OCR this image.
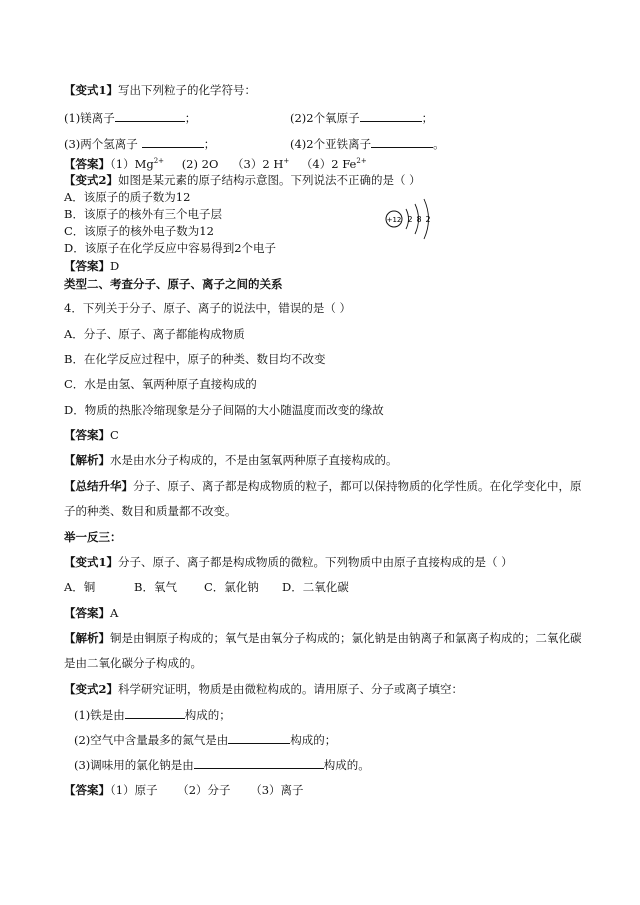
【变式1】写出下列粒子的化学符号：
(1)镁离子	；	(2)2个氧原子	；
(3)两个氢离子	；	(4)2个亚铁离子	。
【答案】$(1)Mg^{2+}$ (2) 2O （3）2 H+ （4）2 $Fe^{2+}$
【变式2】如图是某元素的原子结构示意图。下列说法不正确的是（ ）
A．该原子的质子数为12
B．该原子的核外有三个电子层
C．该原子的核外电子数为12
D．该原子在化学反应中容易得到2个电子
+12 2 8 2
【答案】D
类型二、考查分子、原子、离子之间的关系
4．下列关于分子、原子、离子的说法中，错误的是（ ）
A．分子、原子、离子都能构成物质
B．在化学反应过程中，原子的种类、数目均不改变
C．水是由氢、氧两种原子直接构成的
D．物质的热胀冷缩现象是分子间隔的大小随温度而改变的缘故
【答案】C
【解析】水是由水分子构成的，不是由氢氧两种原子直接构成的。
【总结升华】分子、原子、离子都是构成物质的粒子，都可以保持物质的化学性质。在化学变化中，原
子的种类、数目和质量都不改变。
举一反三：
【变式1】分子、原子、离子都是构成物质的微粒。下列物质中由原子直接构成的是（ ）
A．铜	B．氧气 C．氯化钠 D．二氧化碳
【答案】A
【解析】铜是由铜原子构成的；氧气是由氧分子构成的；氯化钠是由钠离子和氯离子构成的；二氧化碳
是由二氧化碳分子构成的。
【变式2】科学研究证明，物质是由微粒构成的。请用原子、分子或离子填空：
(1)铁是由	构成的；
(2)空气中含量最多的氮气是由	构成的；
(3)调味用的氯化钠是由	构成的。
【答案】（1）原子 （2）分子 （3）离子
